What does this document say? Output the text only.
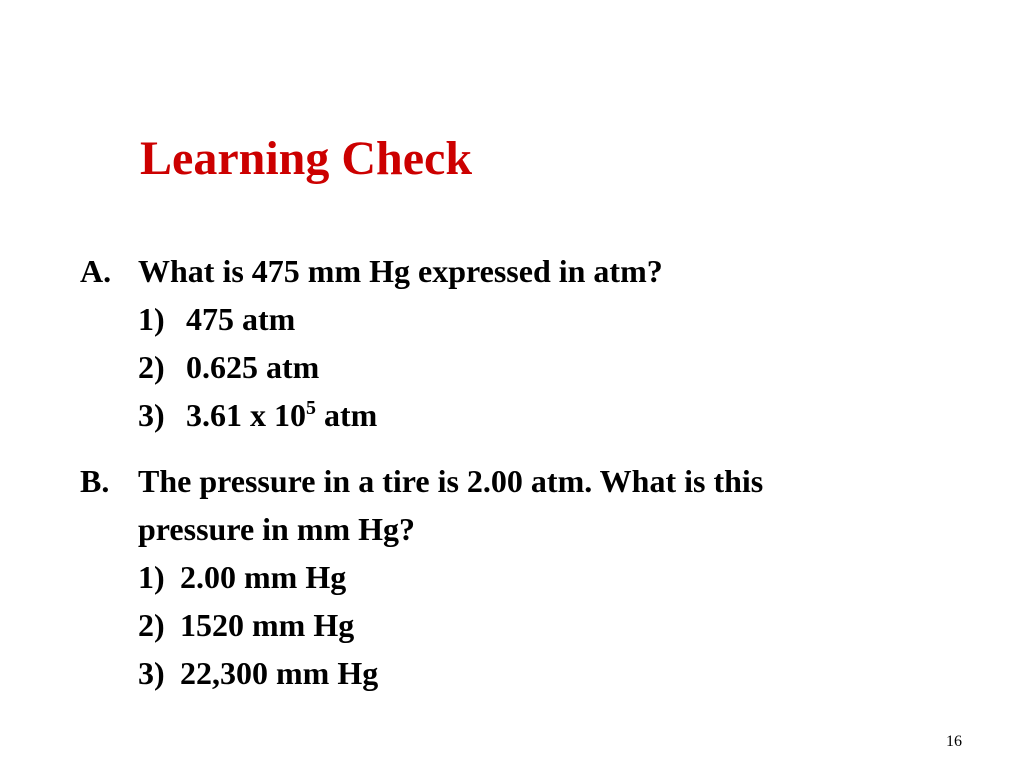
Learning Check
A. What is 475 mm Hg expressed in atm?
1) 475 atm
2) 0.625 atm
3) 3.61 x $10^5$ atm
B. The pressure in a tire is 2.00 atm. What is this
pressure in mm Hg?
1) 2.00 mm Hg
2) 1520 mm Hg
3) 22,300 mm Hg
16
